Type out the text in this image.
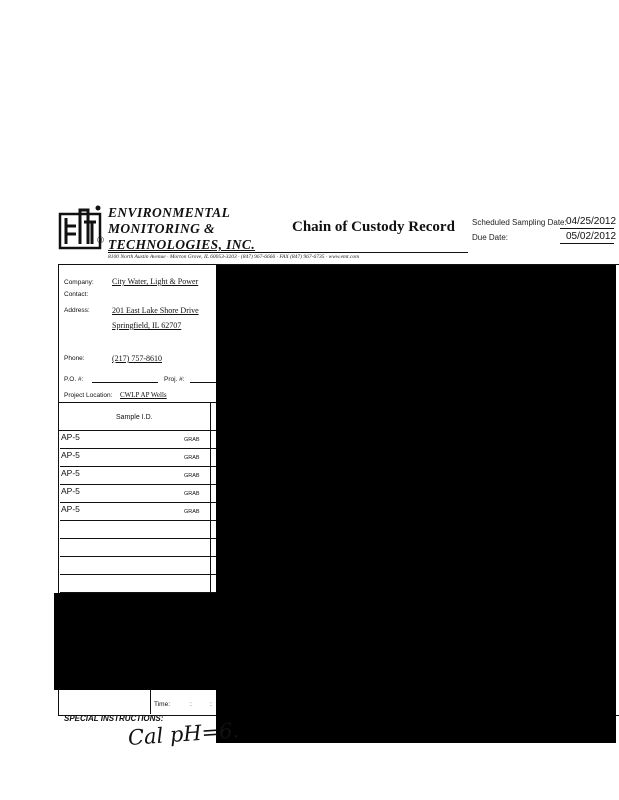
®
ENVIRONMENTAL
MONITORING &
TECHNOLOGIES, INC.
8100 North Austin Avenue · Morton Grove, IL 60053-3203 · (847) 967-6666 · FAX (847) 967-6735 · www.emt.com
Chain of Custody Record Scheduled Sampling Date: 04/25/2012
Due Date:	05/02/2012
Company: City Water, Light & Power
Contact:
Address:	201 East Lake Shore Drive
Springfield, IL 62707
Phone:	(217) 757-8610
P.O. #:	Proj. #:
Project Location: CWLP AP Wells
Sample I.D.
AP-5	GRAB
AP-5	GRAB
AP-5	GRAB
AP-5	GRAB
AP-5	GRAB
Time:	:	:
SPECIAL INSTRUCTIONS:
Cal pH=6.
